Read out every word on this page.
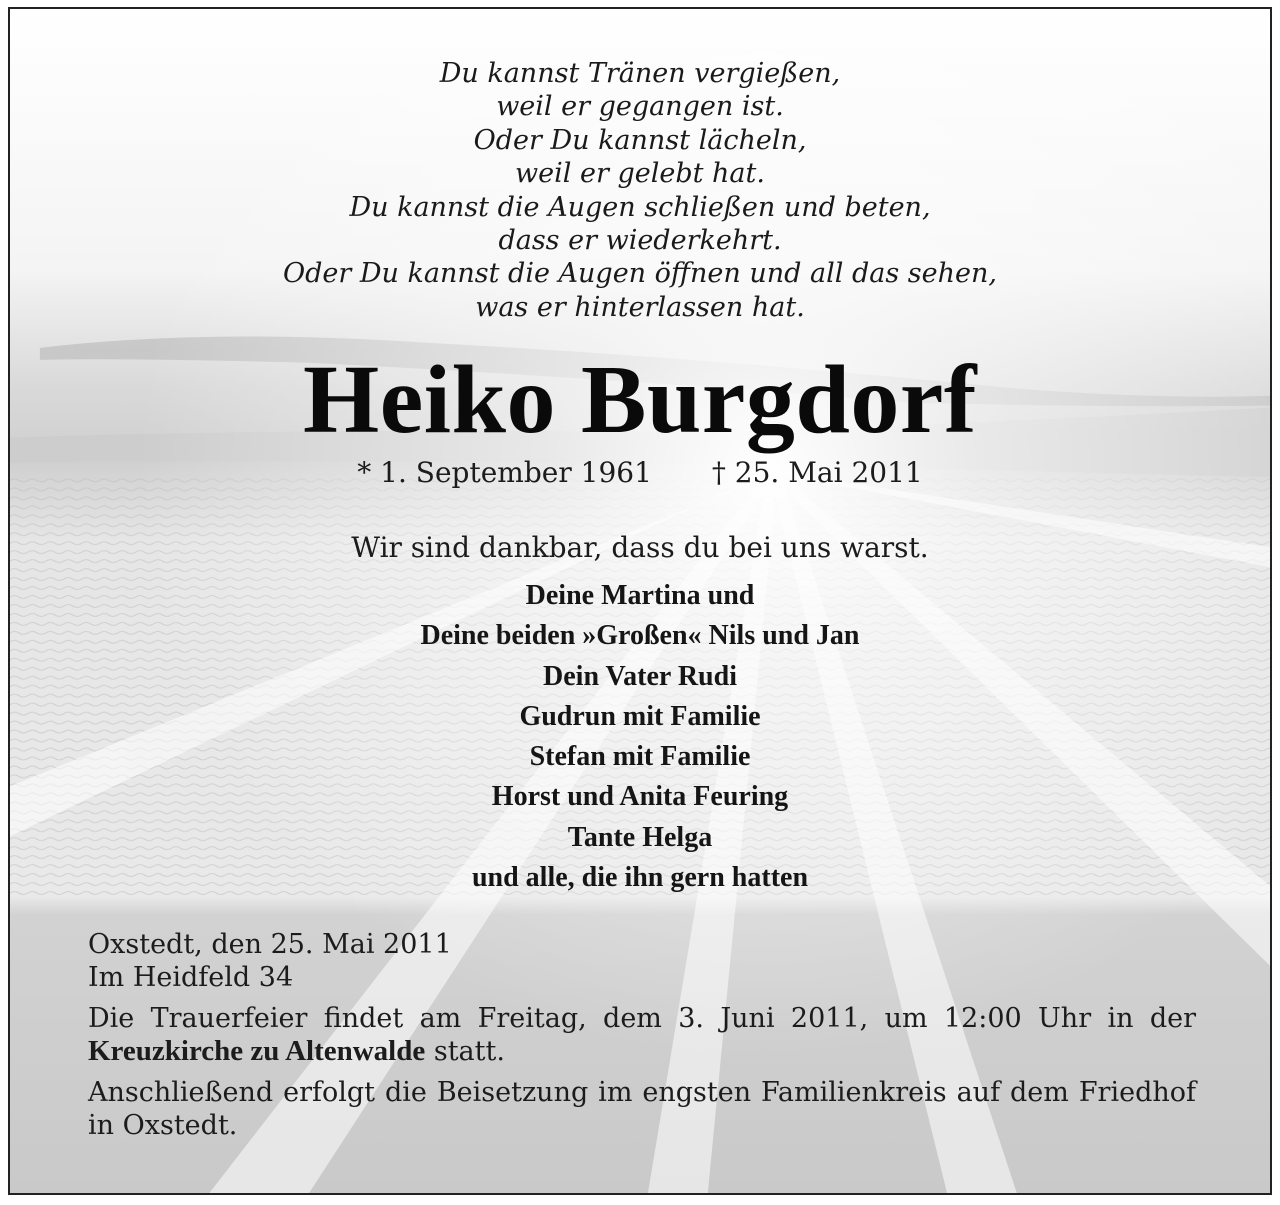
Du kannst Tränen vergießen,
weil er gegangen ist.
Oder Du kannst lächeln,
weil er gelebt hat.
Du kannst die Augen schließen und beten,
dass er wiederkehrt.
Oder Du kannst die Augen öffnen und all das sehen,
was er hinterlassen hat.
Heiko Burgdorf
* 1. September 1961 † 25. Mai 2011
Wir sind dankbar, dass du bei uns warst.
Deine Martina und
Deine beiden »Großen« Nils und Jan
Dein Vater Rudi
Gudrun mit Familie
Stefan mit Familie
Horst und Anita Feuring
Tante Helga
und alle, die ihn gern hatten
Oxstedt, den 25. Mai 2011
Im Heidfeld 34
Die Trauerfeier findet am Freitag, dem 3. Juni 2011, um 12:00 Uhr in der Kreuzkirche zu Altenwalde statt.
Anschließend erfolgt die Beisetzung im engsten Familienkreis auf dem Friedhof in Oxstedt.
